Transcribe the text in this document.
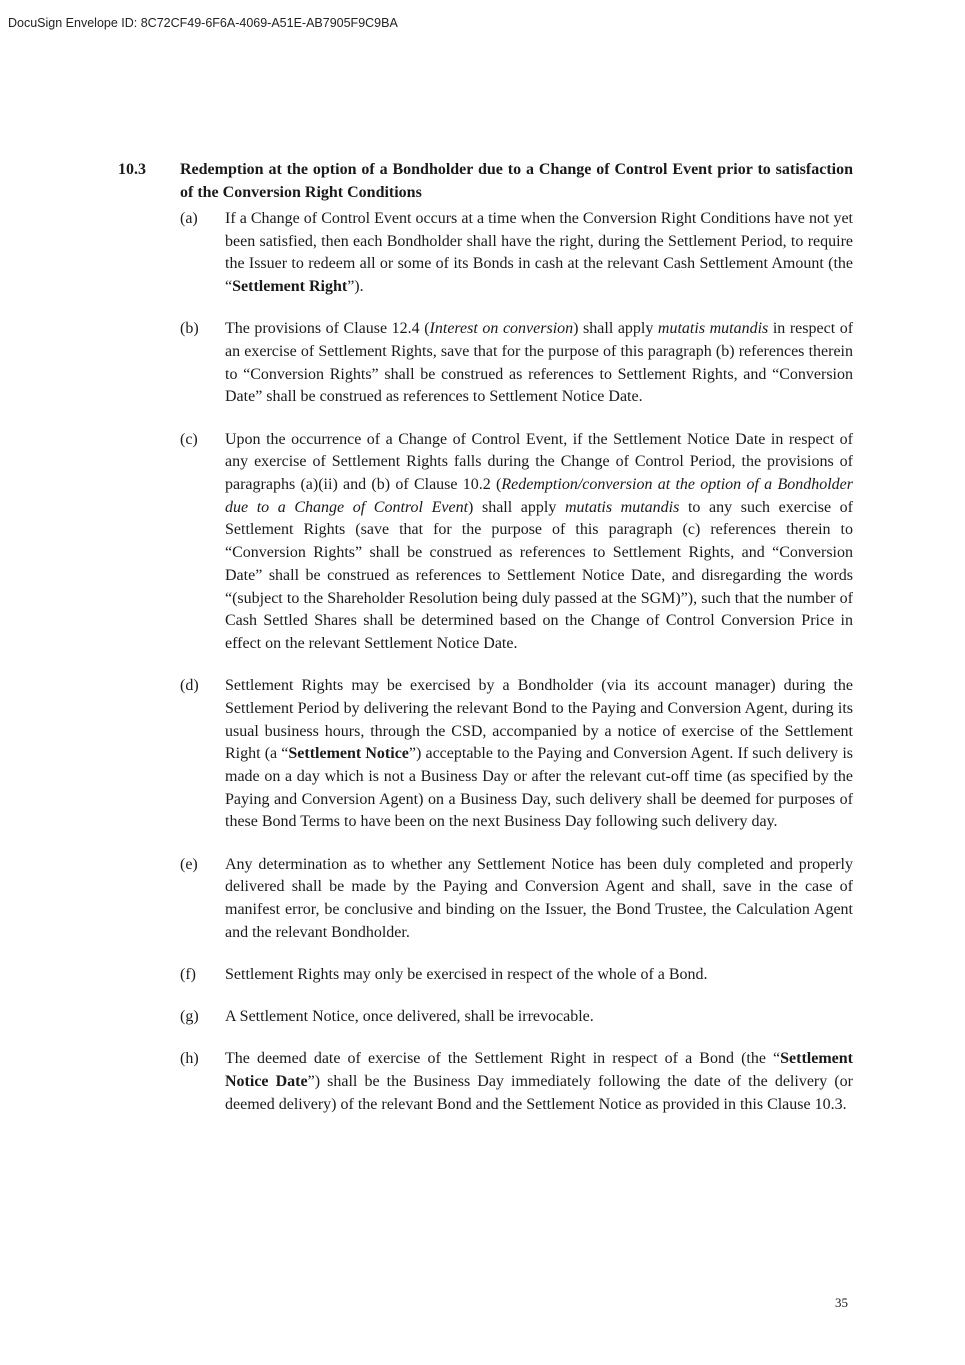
DocuSign Envelope ID: 8C72CF49-6F6A-4069-A51E-AB7905F9C9BA
10.3	Redemption at the option of a Bondholder due to a Change of Control Event prior to satisfaction of the Conversion Right Conditions
(a)	If a Change of Control Event occurs at a time when the Conversion Right Conditions have not yet been satisfied, then each Bondholder shall have the right, during the Settlement Period, to require the Issuer to redeem all or some of its Bonds in cash at the relevant Cash Settlement Amount (the “Settlement Right”).
(b)	The provisions of Clause 12.4 (Interest on conversion) shall apply mutatis mutandis in respect of an exercise of Settlement Rights, save that for the purpose of this paragraph (b) references therein to “Conversion Rights” shall be construed as references to Settlement Rights, and “Conversion Date” shall be construed as references to Settlement Notice Date.
(c)	Upon the occurrence of a Change of Control Event, if the Settlement Notice Date in respect of any exercise of Settlement Rights falls during the Change of Control Period, the provisions of paragraphs (a)(ii) and (b) of Clause 10.2 (Redemption/conversion at the option of a Bondholder due to a Change of Control Event) shall apply mutatis mutandis to any such exercise of Settlement Rights (save that for the purpose of this paragraph (c) references therein to “Conversion Rights” shall be construed as references to Settlement Rights, and “Conversion Date” shall be construed as references to Settlement Notice Date, and disregarding the words “(subject to the Shareholder Resolution being duly passed at the SGM)”), such that the number of Cash Settled Shares shall be determined based on the Change of Control Conversion Price in effect on the relevant Settlement Notice Date.
(d)	Settlement Rights may be exercised by a Bondholder (via its account manager) during the Settlement Period by delivering the relevant Bond to the Paying and Conversion Agent, during its usual business hours, through the CSD, accompanied by a notice of exercise of the Settlement Right (a “Settlement Notice”) acceptable to the Paying and Conversion Agent. If such delivery is made on a day which is not a Business Day or after the relevant cut-off time (as specified by the Paying and Conversion Agent) on a Business Day, such delivery shall be deemed for purposes of these Bond Terms to have been on the next Business Day following such delivery day.
(e)	Any determination as to whether any Settlement Notice has been duly completed and properly delivered shall be made by the Paying and Conversion Agent and shall, save in the case of manifest error, be conclusive and binding on the Issuer, the Bond Trustee, the Calculation Agent and the relevant Bondholder.
(f)	Settlement Rights may only be exercised in respect of the whole of a Bond.
(g)	A Settlement Notice, once delivered, shall be irrevocable.
(h)	The deemed date of exercise of the Settlement Right in respect of a Bond (the “Settlement Notice Date”) shall be the Business Day immediately following the date of the delivery (or deemed delivery) of the relevant Bond and the Settlement Notice as provided in this Clause 10.3.
35
